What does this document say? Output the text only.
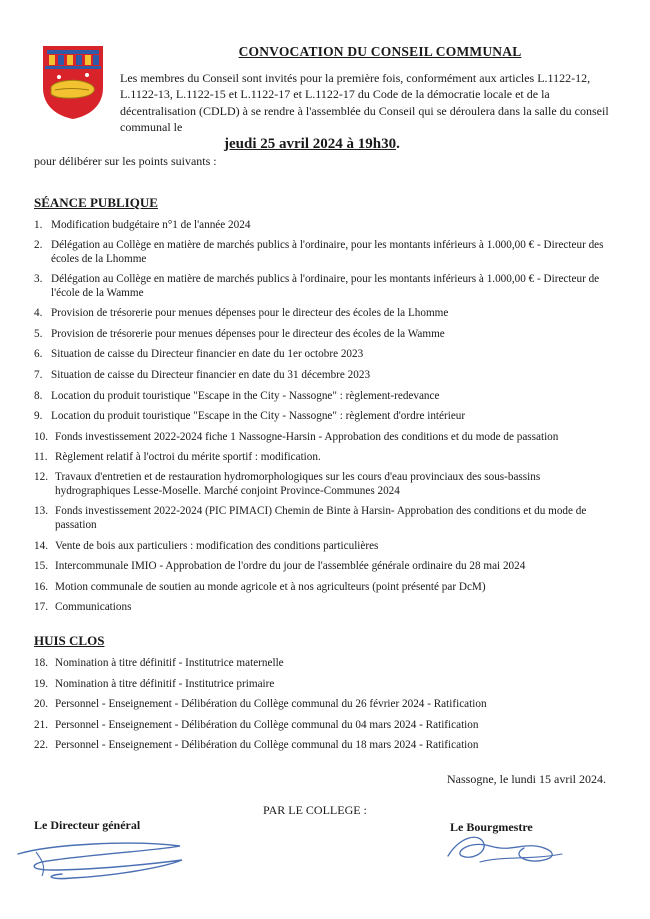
CONVOCATION DU CONSEIL COMMUNAL
Les membres du Conseil sont invités pour la première fois, conformément aux articles L.1122-12, L.1122-13, L.1122-15 et L.1122-17 et L.1122-17 du Code de la démocratie locale et de la décentralisation (CDLD) à se rendre à l'assemblée du Conseil qui se déroulera dans la salle du conseil communal le
jeudi 25 avril 2024 à 19h30.
pour délibérer sur les points suivants :
SÉANCE PUBLIQUE
1. Modification budgétaire n°1 de l'année 2024
2. Délégation au Collège en matière de marchés publics à l'ordinaire, pour les montants inférieurs à 1.000,00 € - Directeur des écoles de la Lhomme
3. Délégation au Collège en matière de marchés publics à l'ordinaire, pour les montants inférieurs à 1.000,00 € - Directeur de l'école de la Wamme
4. Provision de trésorerie pour menues dépenses pour le directeur des écoles de la Lhomme
5. Provision de trésorerie pour menues dépenses pour le directeur des écoles de la Wamme
6. Situation de caisse du Directeur financier en date du 1er octobre 2023
7. Situation de caisse du Directeur financier en date du 31 décembre 2023
8. Location du produit touristique "Escape in the City - Nassogne" : règlement-redevance
9. Location du produit touristique "Escape in the City - Nassogne" : règlement d'ordre intérieur
10. Fonds investissement 2022-2024 fiche 1 Nassogne-Harsin - Approbation des conditions et du mode de passation
11. Règlement relatif à l'octroi du mérite sportif : modification.
12. Travaux d'entretien et de restauration hydromorphologiques sur les cours d'eau provinciaux des sous-bassins hydrographiques Lesse-Moselle. Marché conjoint Province-Communes 2024
13. Fonds investissement 2022-2024 (PIC PIMACI) Chemin de Binte à Harsin- Approbation des conditions et du mode de passation
14. Vente de bois aux particuliers : modification des conditions particulières
15. Intercommunale IMIO - Approbation de l'ordre du jour de l'assemblée générale ordinaire du 28 mai 2024
16. Motion communale de soutien au monde agricole et à nos agriculteurs (point présenté par DcM)
17. Communications
HUIS CLOS
18. Nomination à titre définitif - Institutrice maternelle
19. Nomination à titre définitif - Institutrice primaire
20. Personnel - Enseignement - Délibération du Collège communal du 26 février 2024 - Ratification
21. Personnel - Enseignement - Délibération du Collège communal du 04 mars 2024 - Ratification
22. Personnel - Enseignement - Délibération du Collège communal du 18 mars 2024 - Ratification
Nassogne, le lundi 15 avril 2024.
PAR LE COLLEGE :
Le Directeur général	Le Bourgmestre
